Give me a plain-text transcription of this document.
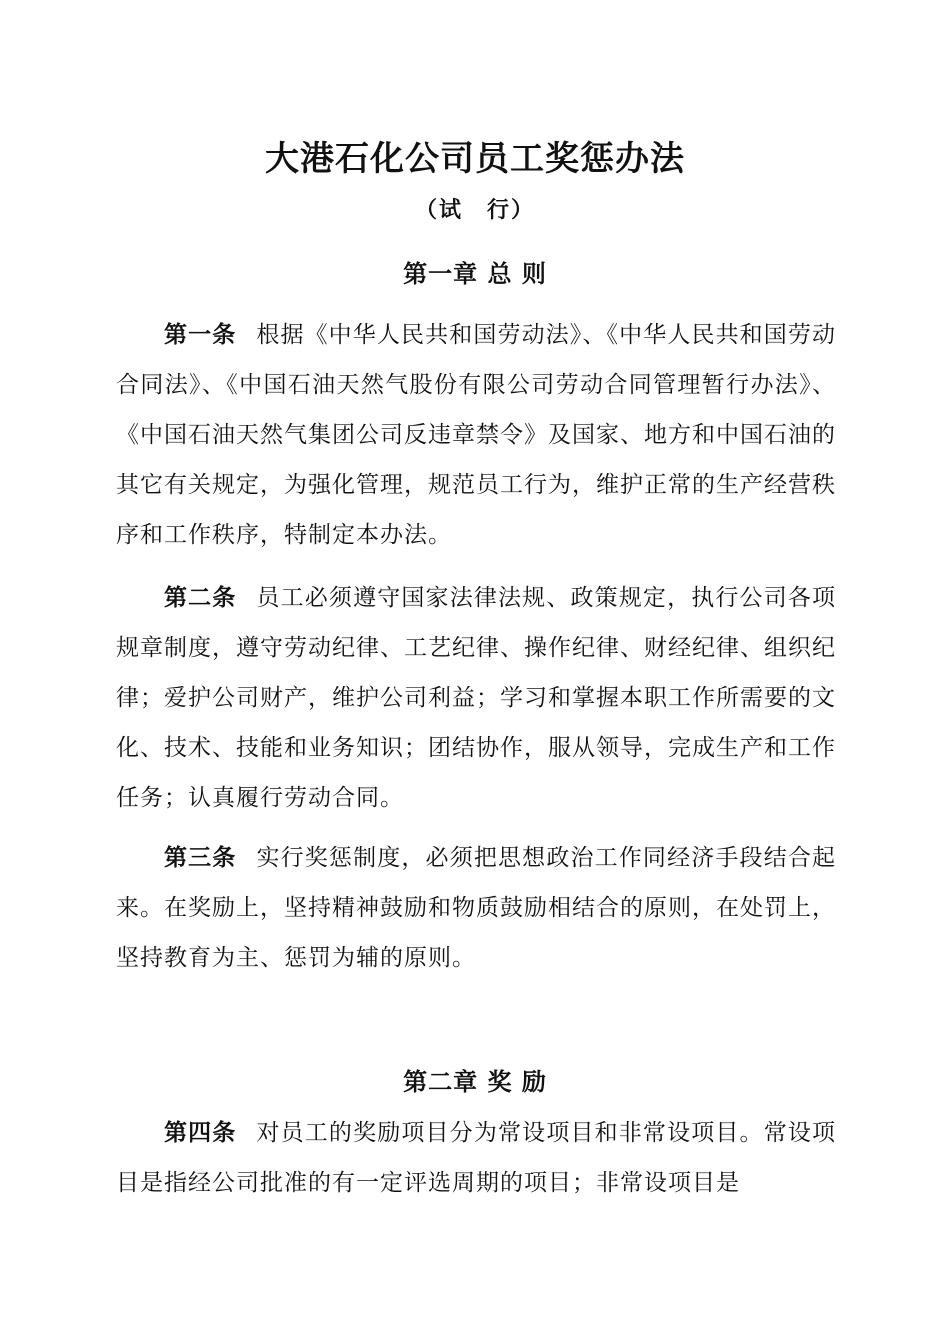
大港石化公司员工奖惩办法
（试　行）
第一章 总 则

第一条 根据《中华人民共和国劳动法》、《中华人民共和国劳动合同法》、《中国石油天然气股份有限公司劳动合同管理暂行办法》、《中国石油天然气集团公司反违章禁令》及国家、地方和中国石油的其它有关规定，为强化管理，规范员工行为，维护正常的生产经营秩序和工作秩序，特制定本办法。

第二条 员工必须遵守国家法律法规、政策规定，执行公司各项规章制度，遵守劳动纪律、工艺纪律、操作纪律、财经纪律、组织纪律；爱护公司财产，维护公司利益；学习和掌握本职工作所需要的文化、技术、技能和业务知识；团结协作，服从领导，完成生产和工作任务；认真履行劳动合同。

第三条 实行奖惩制度，必须把思想政治工作同经济手段结合起来。在奖励上，坚持精神鼓励和物质鼓励相结合的原则，在处罚上，坚持教育为主、惩罚为辅的原则。

第二章 奖 励

第四条 对员工的奖励项目分为常设项目和非常设项目。常设项目是指经公司批准的有一定评选周期的项目；非常设项目是
